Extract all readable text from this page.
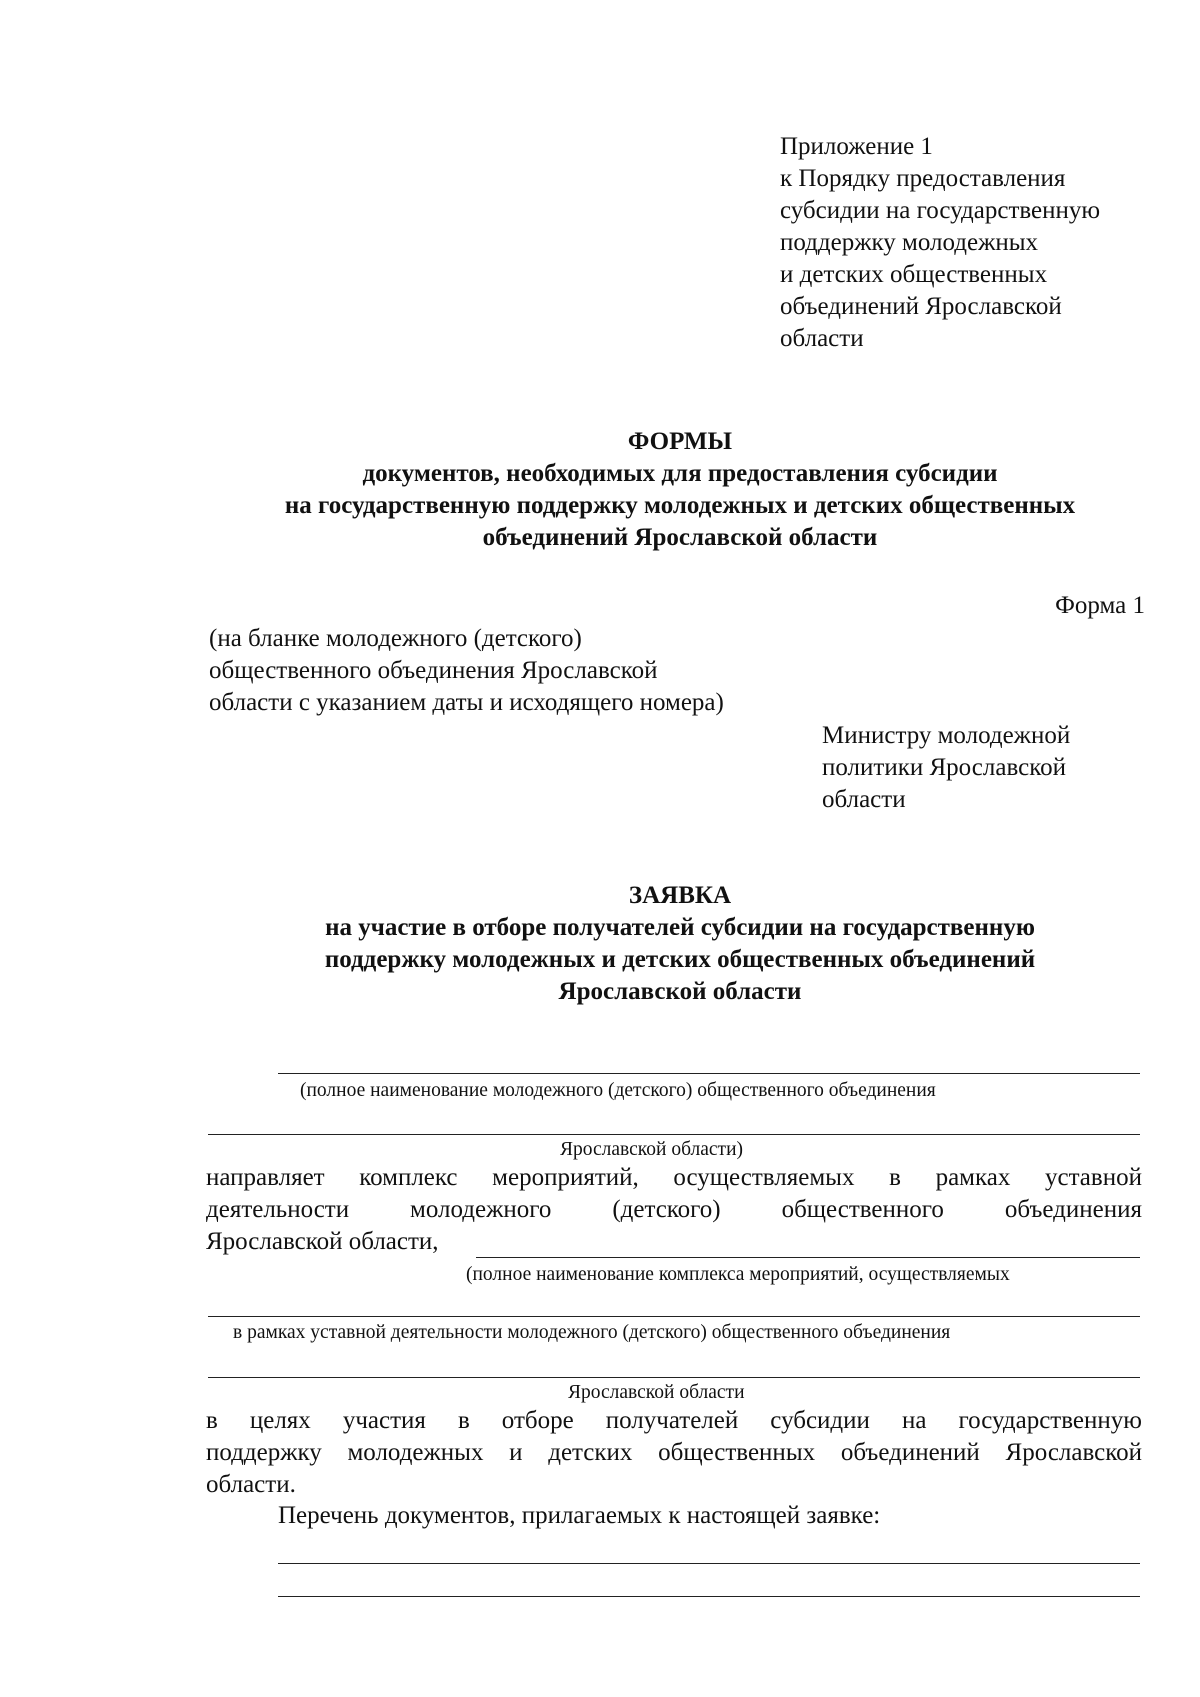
Приложение 1

к Порядку предоставления

субсидии на государственную

поддержку молодежных

и детских общественных

объединений Ярославской

области

ФОРМЫ

документов, необходимых для предоставления субсидии

на государственную поддержку молодежных и детских общественных

объединений Ярославской области

Форма 1

(на бланке молодежного (детского)

общественного объединения Ярославской

области с указанием даты и исходящего номера)

Министру молодежной

политики Ярославской

области

ЗАЯВКА

на участие в отборе получателей субсидии на государственную

поддержку молодежных и детских общественных объединений

Ярославской области

(полное наименование молодежного (детского) общественного объединения

Ярославской области)

направляет комплекс мероприятий, осуществляемых в рамках уставной
деятельности молодежного (детского) общественного объединения

Ярославской области,

(полное наименование комплекса мероприятий, осуществляемых

в рамках уставной деятельности молодежного (детского) общественного объединения

Ярославской области

в целях участия в отборе получателей субсидии на государственную
поддержку молодежных и детских общественных объединений Ярославской

области.

Перечень документов, прилагаемых к настоящей заявке:
